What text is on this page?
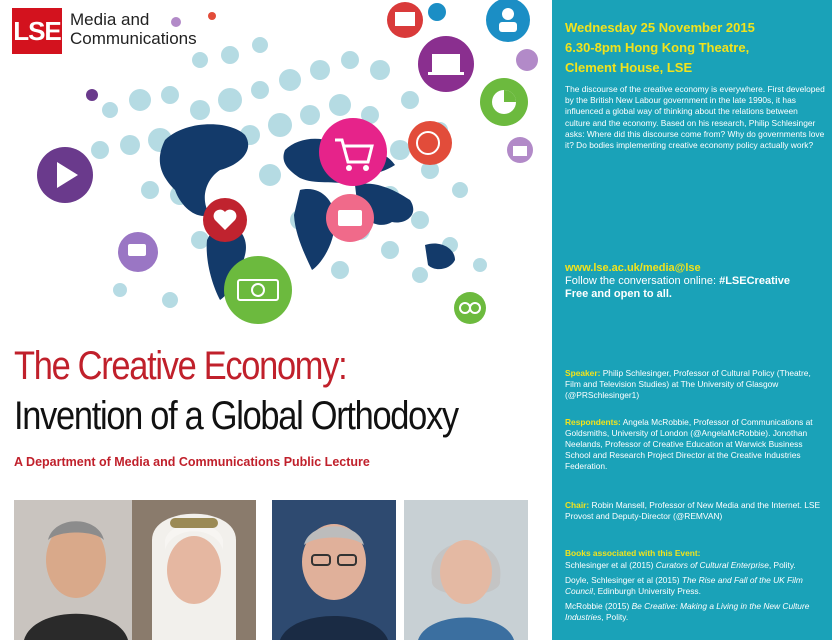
LSE Media and
Communications
The Creative Economy:
Invention of a Global Orthodoxy
A Department of Media and Communications Public Lecture
Wednesday 25 November 2015
6.30-8pm Hong Kong Theatre,
Clement House, LSE
The discourse of the creative economy is everywhere. First developed by the British New Labour government in the late 1990s, it has influenced a global way of thinking about the relations between culture and the economy. Based on his research, Philip Schlesinger asks: Where did this discourse come from? Why do governments love it? Do bodies implementing creative economy policy actually work?
www.lse.ac.uk/media@lse
Follow the conversation online: #LSECreative
Free and open to all.
Speaker: Philip Schlesinger, Professor of Cultural Policy (Theatre, Film and Television Studies) at The University of Glasgow (@PRSchlesinger1)
Respondents: Angela McRobbie, Professor of Communications at Goldsmiths, University of London (@AngelaMcRobbie). Jonothan Neelands, Professor of Creative Education at Warwick Business School and Research Project Director at the Creative Industries Federation.
Chair: Robin Mansell, Professor of New Media and the Internet. LSE Provost and Deputy-Director (@REMVAN)
Books associated with this Event:
Schlesinger et al (2015) Curators of Cultural Enterprise, Polity.
Doyle, Schlesinger et al (2015) The Rise and Fall of the UK Film Council, Edinburgh University Press.
McRobbie (2015) Be Creative: Making a Living in the New Culture Industries, Polity.
